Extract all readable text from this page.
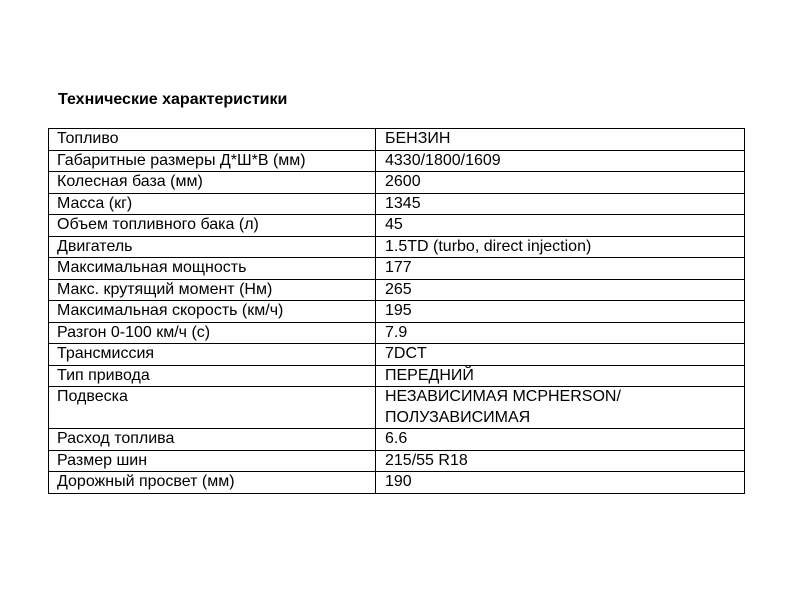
Технические характеристики
Топливо	БЕНЗИН
Габаритные размеры Д*Ш*В (мм)	4330/1800/1609
Колесная база (мм)	2600
Масса (кг)	1345
Объем топливного бака (л)	45
Двигатель	1.5TD (turbo, direct injection)
Максимальная мощность	177
Макс. крутящий момент (Нм)	265
Максимальная скорость (км/ч)	195
Разгон 0-100 км/ч (с)	7.9
Трансмиссия	7DCT
Тип привода	ПЕРЕДНИЙ
Подвеска	НЕЗАВИСИМАЯ MCPHERSON/ПОЛУЗАВИСИМАЯ
Расход топлива	6.6
Размер шин	215/55 R18
Дорожный просвет (мм)	190
